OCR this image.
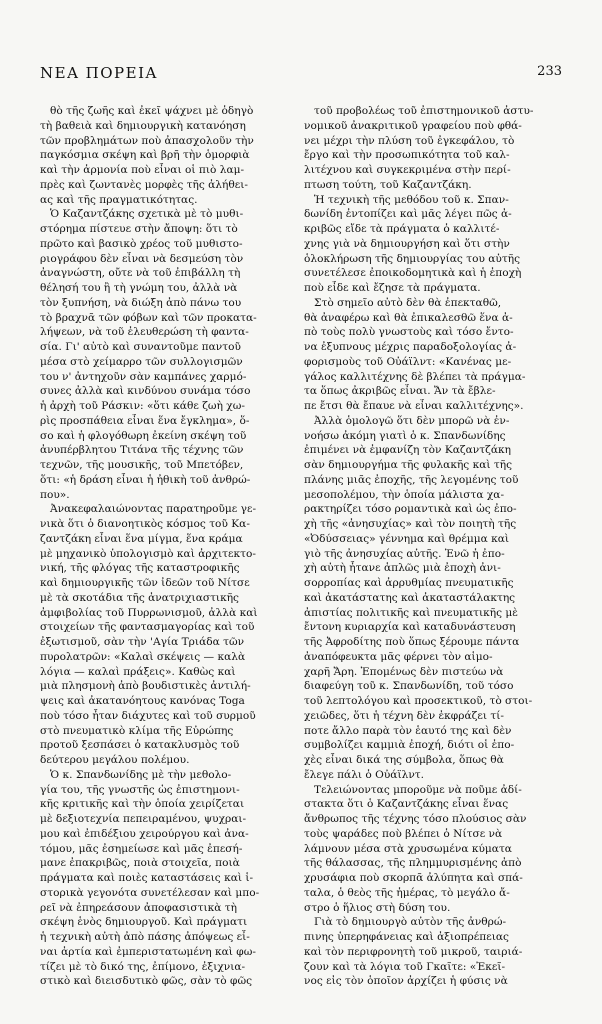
ΝΕΑ ΠΟΡΕΙΑ	233
θὸ τῆς ζωῆς καὶ ἐκεῖ ψάχνει μὲ ὁδηγὸ
τὴ βαθειὰ καὶ δημιουργικὴ κατανόηση
τῶν προβλημάτων ποὺ ἀπασχολοῦν τὴν
παγκόσμια σκέψη καὶ βρῆ τὴν ὁμορφιὰ
καὶ τὴν ἁρμονία ποὺ εἶναι οἱ πιὸ λαμ-
πρὲς καὶ ζωντανὲς μορφὲς τῆς ἀλήθει-
ας καὶ τῆς πραγματικότητας.
Ὁ Καζαντζάκης σχετικὰ μὲ τὸ μυθι-
στόρημα πίστευε στὴν ἄποψη: ὅτι τὸ
πρῶτο καὶ βασικὸ χρέος τοῦ μυθιστο-
ριογράφου δὲν εἶναι νὰ δεσμεύση τὸν
ἀναγνώστη, οὔτε νὰ τοῦ ἐπιβάλλη τὴ
θέλησή του ἢ τὴ γνώμη του, ἀλλὰ νὰ
τὸν ξυπνήση, νὰ διώξη ἀπὸ πάνω του
τὸ βραχνᾶ τῶν φόβων καὶ τῶν προκατα-
λήψεων, νὰ τοῦ ἐλευθερώση τὴ φαντα-
σία. Γι' αὐτὸ καὶ συναντοῦμε παντοῦ
μέσα στὸ χείμαρρο τῶν συλλογισμῶν
του ν' ἀντηχοῦν σὰν καμπάνες χαρμό-
συνες ἀλλὰ καὶ κινδύνου συνάμα τόσο
ἡ ἀρχὴ τοῦ Ράσκιν: «ὅτι κάθε ζωὴ χω-
ρὶς προσπάθεια εἶναι ἕνα ἔγκλημα», ὅ-
σο καὶ ἡ φλογόθωρη ἐκείνη σκέψη τοῦ
ἀνυπέρβλητου Τιτάνα τῆς τέχνης τῶν
τεχνῶν, τῆς μουσικῆς, τοῦ Μπετόβεν,
ὅτι: «ἡ δράση εἶναι ἡ ἠθικὴ τοῦ ἀνθρώ-
που».
Ἀνακεφαλαιώνοντας παρατηροῦμε γε-
νικὰ ὅτι ὁ διανοητικὸς κόσμος τοῦ Κα-
ζαντζάκη εἶναι ἕνα μίγμα, ἕνα κράμα
μὲ μηχανικὸ ὑπολογισμὸ καὶ ἀρχιτεκτο-
νική, τῆς φλόγας τῆς καταστροφικῆς
καὶ δημιουργικῆς τῶν ἰδεῶν τοῦ Νίτσε
μὲ τὰ σκοτάδια τῆς ἀνατριχιαστικῆς
ἀμφιβολίας τοῦ Πυρρωνισμοῦ, ἀλλὰ καὶ
στοιχείων τῆς φαντασμαγορίας καὶ τοῦ
ἐξωτισμοῦ, σὰν τὴν 'Αγία Τριάδα τῶν
πυρολατρῶν: «Καλαὶ σκέψεις — καλὰ
λόγια — καλαὶ πράξεις». Καθὼς καὶ
μιὰ πλησμονὴ ἀπὸ βουδιστικὲς ἀντιλή-
ψεις καὶ ἀκατανόητους κανόνας Toga
ποὺ τόσο ἦταν διάχυτες καὶ τοῦ συρμοῦ
στὸ πνευματικὸ κλίμα τῆς Εὐρώπης
προτοῦ ξεσπάσει ὁ κατακλυσμὸς τοῦ
δεύτερου μεγάλου πολέμου.
Ὁ κ. Σπανδωνίδης μὲ τὴν μεθολο-
γία του, τῆς γνωστῆς ὡς ἐπιστημονι-
κῆς κριτικῆς καὶ τὴν ὁποία χειρίζεται
μὲ δεξιοτεχνία πεπειραμένου, ψυχραι-
μου καὶ ἐπιδέξιου χειρούργου καὶ ἀνα-
τόμου, μᾶς ἐσημείωσε καὶ μᾶς ἐπεσή-
μανε ἐπακριβῶς, ποιὰ στοιχεῖα, ποιὰ
πράγματα καὶ ποιὲς καταστάσεις καὶ ἱ-
στορικὰ γεγονότα συνετέλεσαν καὶ μπο-
ρεῖ νὰ ἐπηρεάσουν ἀποφασιστικὰ τὴ
σκέψη ἑνὸς δημιουργοῦ. Καὶ πράγματι
ἡ τεχνικὴ αὐτὴ ἀπὸ πάσης ἀπόψεως εἶ-
ναι ἀρτία καὶ ἐμπεριστατωμένη καὶ φω-
τίζει μὲ τὸ δικό της, ἐπίμονο, ἐξιχνια-
στικὸ καὶ διεισδυτικὸ φῶς, σὰν τὸ φῶς
τοῦ προβολέως τοῦ ἐπιστημονικοῦ ἀστυ-
νομικοῦ ἀνακριτικοῦ γραφείου ποὺ φθά-
νει μέχρι τὴν πλύση τοῦ ἐγκεφάλου, τὸ
ἔργο καὶ τὴν προσωπικότητα τοῦ καλ-
λιτέχνου καὶ συγκεκριμένα στὴν περί-
πτωση τούτη, τοῦ Καζαντζάκη.
Ἡ τεχνικὴ τῆς μεθόδου τοῦ κ. Σπαν-
δωνίδη ἐντοπίζει καὶ μᾶς λέγει πῶς ἀ-
κριβῶς εἴδε τὰ πράγματα ὁ καλλιτέ-
χνης γιὰ νὰ δημιουργήση καὶ ὅτι στὴν
ὁλοκλήρωση τῆς δημιουργίας του αὐτῆς
συνετέλεσε ἐποικοδομητικὰ καὶ ἡ ἐποχὴ
ποὺ εἶδε καὶ ἔζησε τὰ πράγματα.
Στὸ σημεῖο αὐτὸ δὲν θὰ ἐπεκταθῶ,
θὰ ἀναφέρω καὶ θὰ ἐπικαλεσθῶ ἕνα ἀ-
πὸ τοὺς πολὺ γνωστοὺς καὶ τόσο ἔντο-
να ἐξυπνους μέχρις παραδοξολογίας ἀ-
φορισμοὺς τοῦ Οὐάϊλντ: «Κανένας με-
γάλος καλλιτέχνης δὲ βλέπει τὰ πράγμα-
τα ὅπως ἀκριβῶς εἶναι. Ἄν τὰ ἔβλε-
πε ἔτσι θὰ ἔπαυε νὰ εἶναι καλλιτέχνης».
Ἀλλὰ ὁμολογῶ ὅτι δὲν μπορῶ νὰ ἐν-
νοήσω ἀκόμη γιατὶ ὁ κ. Σπανδωνίδης
ἐπιμένει νὰ ἐμφανίζη τὸν Καζαντζάκη
σὰν δημιουργήμα τῆς φυλακῆς καὶ τῆς
πλάνης μιᾶς ἐποχῆς, τῆς λεγομένης τοῦ
μεσοπολέμου, τὴν ὁποία μάλιστα χα-
ρακτηρίζει τόσο ρομαντικὰ καὶ ὡς ἐπο-
χὴ τῆς «ἀνησυχίας» καὶ τὸν ποιητὴ τῆς
«Ὀδύσσειας» γέννημα καὶ θρέμμα καὶ
γιὸ τῆς ἀνησυχίας αὐτῆς. Ἐνῶ ἡ ἐπο-
χὴ αὐτὴ ἦτανε ἁπλῶς μιὰ ἐποχὴ ἀνι-
σορροπίας καὶ ἀρρυθμίας πνευματικῆς
καὶ ἀκατάστατης καὶ ἀκαταστάλακτης
ἀπιστίας πολιτικῆς καὶ πνευματικῆς μὲ
ἔντονη κυριαρχία καὶ καταδυνάστευση
τῆς Ἀφροδίτης ποὺ ὅπως ξέρουμε πάντα
ἀναπόφευκτα μᾶς φέρνει τὸν αἱμο-
χαρῆ Ἄρη. Ἐπομένως δὲν πιστεύω νὰ
διαφεύγη τοῦ κ. Σπανδωνίδη, τοῦ τόσο
τοῦ λεπτολόγου καὶ προσεκτικοῦ, τὸ στοι-
χειῶδες, ὅτι ἡ τέχνη δὲν ἐκφράζει τί-
ποτε ἄλλο παρὰ τὸν ἑαυτό της καὶ δὲν
συμβολίζει καμμιὰ ἐποχή, διότι οἱ ἐπο-
χὲς εἶναι δικά της σύμβολα, ὅπως θὰ
ἔλεγε πάλι ὁ Οὐάϊλντ.
Τελειώνοντας μποροῦμε νὰ ποῦμε ἀδί-
στακτα ὅτι ὁ Καζαντζάκης εἶναι ἕνας
ἄνθρωπος τῆς τέχνης τόσο πλούσιος σὰν
τοὺς ψαράδες ποὺ βλέπει ὁ Νίτσε νὰ
λάμνουν μέσα στὰ χρυσωμένα κύματα
τῆς θάλασσας, τῆς πλημμυρισμένης ἀπὸ
χρυσάφια ποὺ σκορπᾶ ἀλύπητα καὶ σπά-
ταλα, ὁ θεὸς τῆς ἡμέρας, τὸ μεγάλο ἄ-
στρο ὁ ἥλιος στὴ δύση του.
Γιὰ τὸ δημιουργὸ αὐτὸν τῆς ἀνθρώ-
πινης ὑπερηφάνειας καὶ ἀξιοπρέπειας
καὶ τὸν περιφρονητὴ τοῦ μικροῦ, ταιριά-
ζουν καὶ τὰ λόγια τοῦ Γκαῖτε: «Ἐκεῖ-
νος εἰς τὸν ὁποῖον ἀρχίζει ἡ φύσις νὰ
